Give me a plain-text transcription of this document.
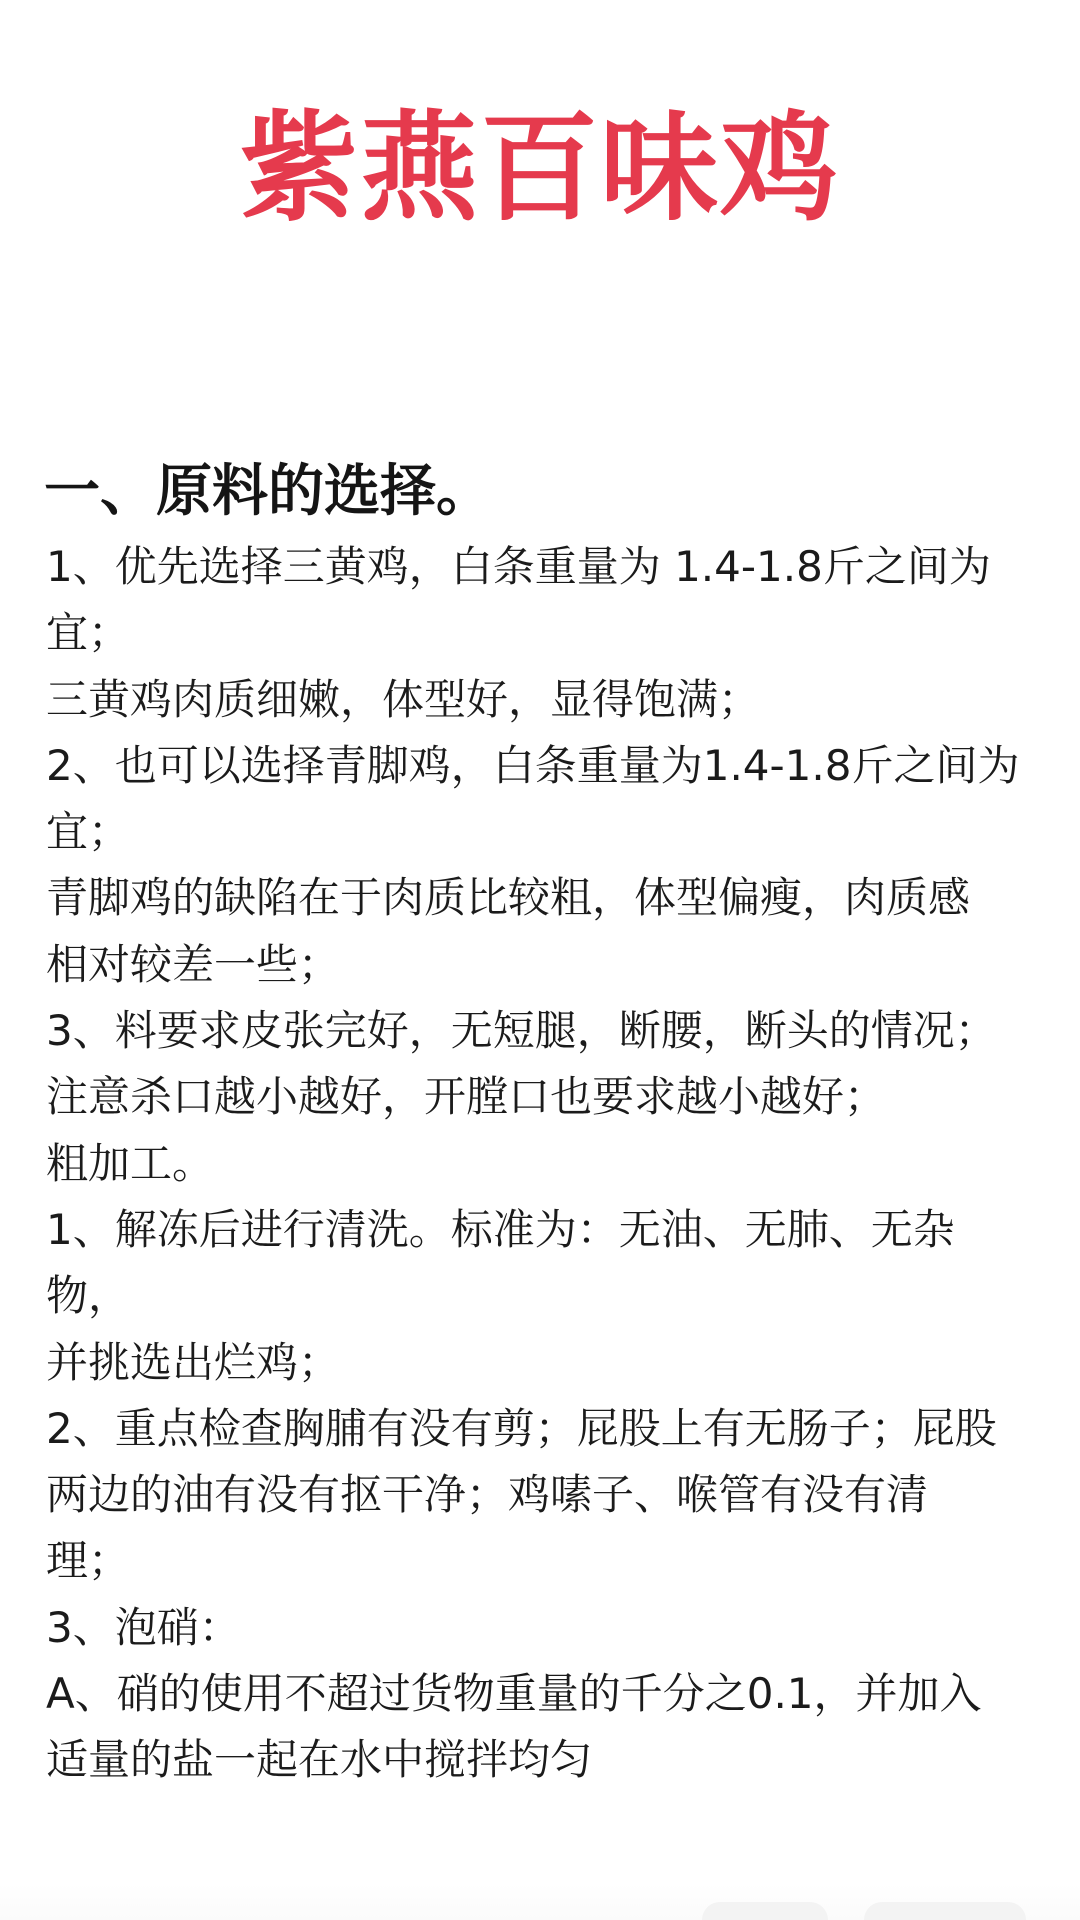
紫燕百味鸡
一、原料的选择。
1、优先选择三黄鸡，白条重量为 1.4-1.8斤之间为
宜；
三黄鸡肉质细嫩，体型好，显得饱满；
2、也可以选择青脚鸡，白条重量为1.4-1.8斤之间为
宜；
青脚鸡的缺陷在于肉质比较粗，体型偏瘦，肉质感
相对较差一些；
3、料要求皮张完好，无短腿，断腰，断头的情况；
注意杀口越小越好，开膛口也要求越小越好；
粗加工。
1、解冻后进行清洗。标准为：无油、无肺、无杂
物，
并挑选出烂鸡；
2、重点检查胸脯有没有剪；屁股上有无肠子；屁股
两边的油有没有抠干净；鸡嗉子、喉管有没有清
理；
3、泡硝：
A、硝的使用不超过货物重量的千分之0.1，并加入
适量的盐一起在水中搅拌均匀
